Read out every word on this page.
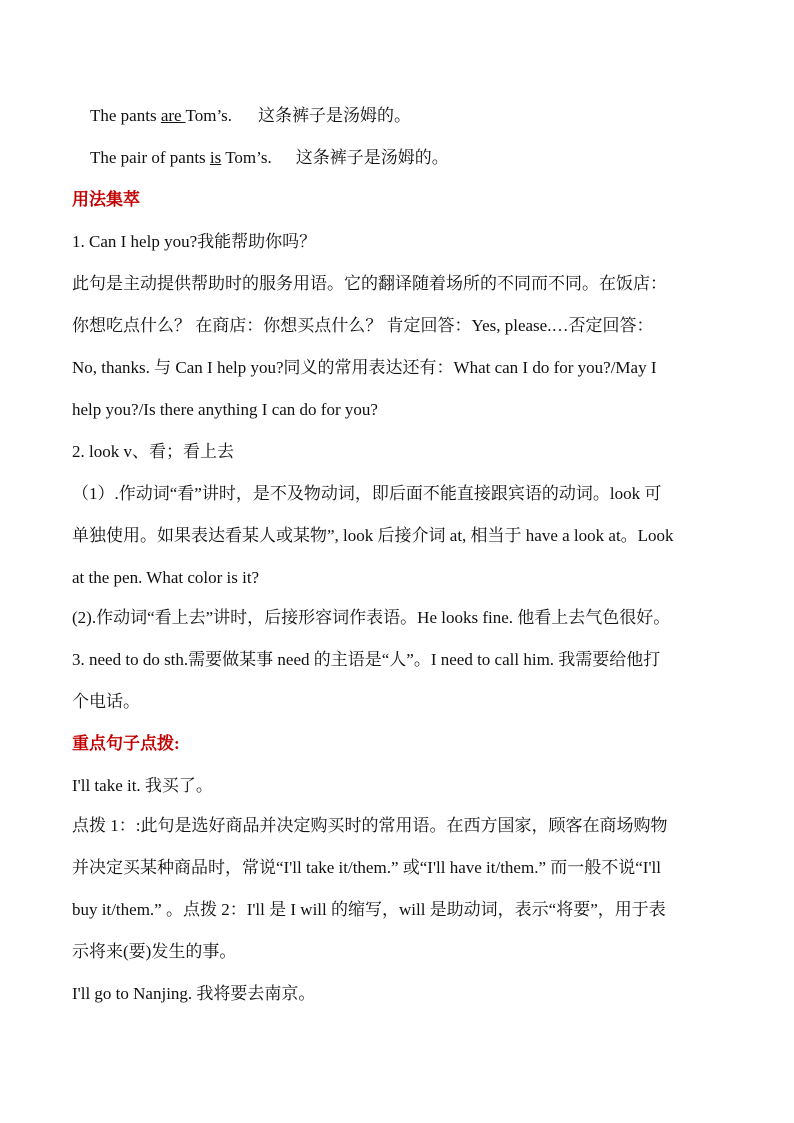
The pants are Tom’s. 这条裤子是汤姆的。
The pair of pants is Tom’s. 这条裤子是汤姆的。
用法集萃
1. Can I help you?我能帮助你吗？
此句是主动提供帮助时的服务用语。它的翻译随着场所的不同而不同。在饭店：
你想吃点什么？ 在商店：你想买点什么？ 肯定回答：Yes, please.…否定回答：
No, thanks. 与 Can I help you?同义的常用表达还有：What can I do for you?/May I
help you?/Is there anything I can do for you?
2. look v、看；看上去
（1）.作动词“看”讲时，是不及物动词，即后面不能直接跟宾语的动词。look 可
单独使用。如果表达看某人或某物”, look 后接介词 at, 相当于 have a look at。Look
at the pen. What color is it?
(2).作动词“看上去”讲时，后接形容词作表语。He looks fine. 他看上去气色很好。
3. need to do sth.需要做某事 need 的主语是“人”。I need to call him. 我需要给他打
个电话。
重点句子点拨:
I'll take it. 我买了。
点拨 1：:此句是选好商品并决定购买时的常用语。在西方国家，顾客在商场购物
并决定买某种商品时，常说“I'll take it/them.” 或“I'll have it/them.” 而一般不说“I'll
buy it/them.” 。点拨 2：I'll 是 I will 的缩写，will 是助动词，表示“将要”，用于表
示将来(要)发生的事。
I'll go to Nanjing. 我将要去南京。
